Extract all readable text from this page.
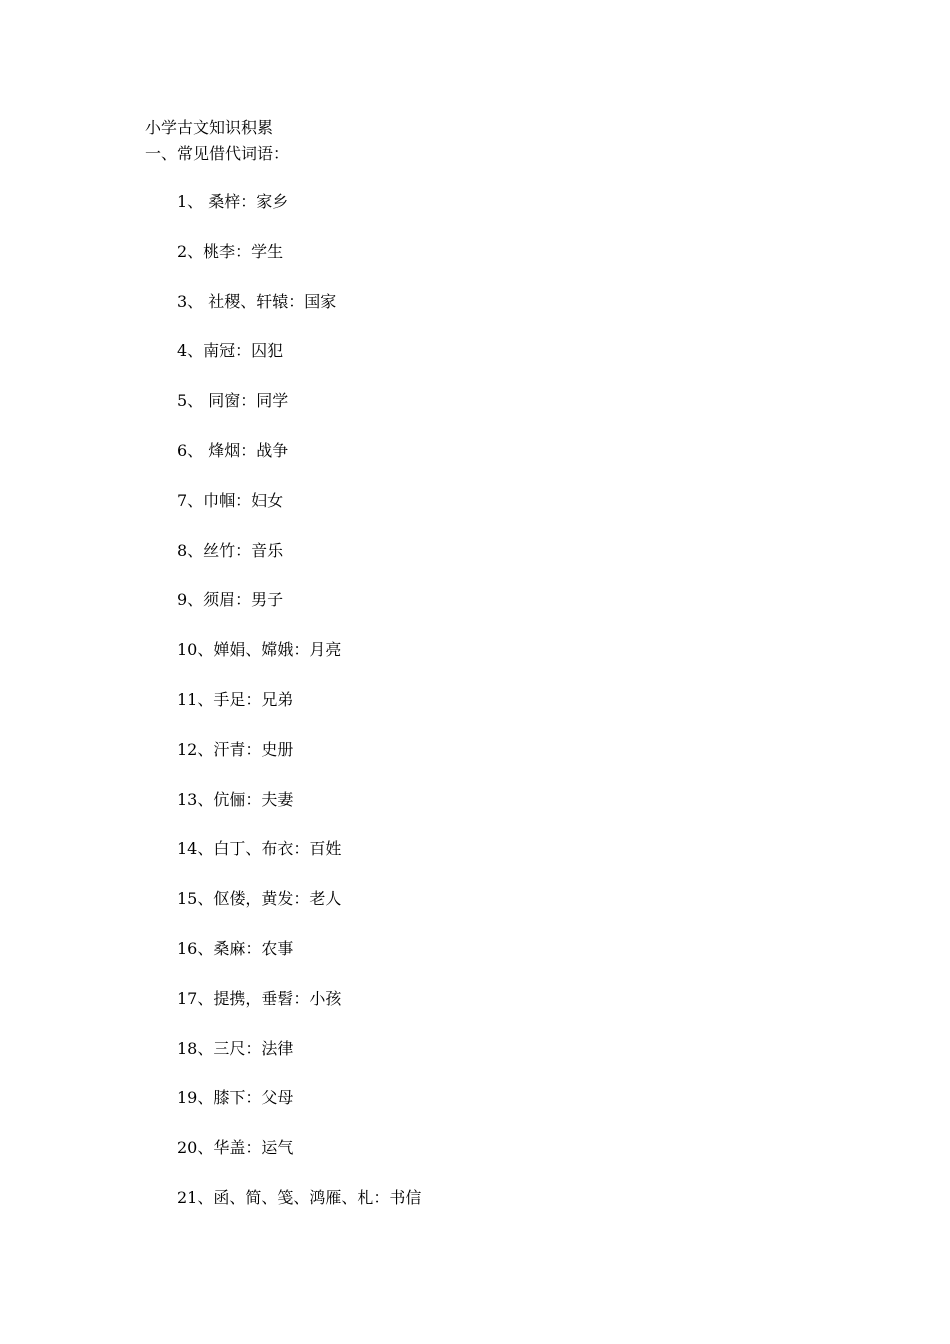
小学古文知识积累
一、常见借代词语：
1、 桑梓：家乡
2、桃李：学生
3、 社稷、轩辕：国家
4、南冠：囚犯
5、 同窗：同学
6、 烽烟：战争
7、巾帼：妇女
8、丝竹：音乐
9、须眉：男子
10、婵娟、嫦娥：月亮
11、手足：兄弟
12、汗青：史册
13、伉俪：夫妻
14、白丁、布衣：百姓
15、伛偻，黄发：老人
16、桑麻：农事
17、提携，垂髫：小孩
18、三尺：法律
19、膝下：父母
20、华盖：运气
21、函、简、笺、鸿雁、札：书信
